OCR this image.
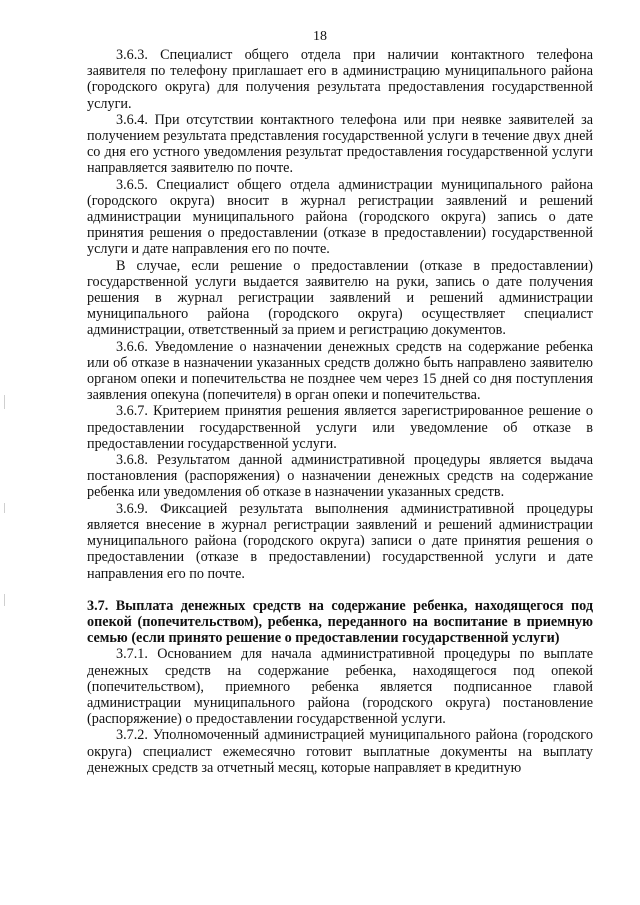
18

3.6.3. Специалист общего отдела при наличии контактного телефона заявителя по телефону приглашает его в администрацию муниципального района (городского округа) для получения результата предоставления государственной услуги.

3.6.4. При отсутствии контактного телефона или при неявке заявителей за получением результата представления государственной услуги в течение двух дней со дня его устного уведомления результат предоставления государственной услуги направляется заявителю по почте.

3.6.5. Специалист общего отдела администрации муниципального района (городского округа) вносит в журнал регистрации заявлений и решений администрации муниципального района (городского округа) запись о дате принятия решения о предоставлении (отказе в предоставлении) государственной услуги и дате направления его по почте.

В случае, если решение о предоставлении (отказе в предоставлении) государственной услуги выдается заявителю на руки, запись о дате получения решения в журнал регистрации заявлений и решений администрации муниципального района (городского округа) осуществляет специалист администрации, ответственный за прием и регистрацию документов.

3.6.6. Уведомление о назначении денежных средств на содержание ребенка или об отказе в назначении указанных средств должно быть направлено заявителю органом опеки и попечительства не позднее чем через 15 дней со дня поступления заявления опекуна (попечителя) в орган опеки и попечительства.

3.6.7. Критерием принятия решения является зарегистрированное решение о предоставлении государственной услуги или уведомление об отказе в предоставлении государственной услуги.

3.6.8. Результатом данной административной процедуры является выдача постановления (распоряжения) о назначении денежных средств на содержание ребенка или уведомления об отказе в назначении указанных средств.

3.6.9. Фиксацией результата выполнения административной процедуры является внесение в журнал регистрации заявлений и решений администрации муниципального района (городского округа) записи о дате принятия решения о предоставлении (отказе в предоставлении) государственной услуги и дате направления его по почте.

3.7. Выплата денежных средств на содержание ребенка, находящегося под опекой (попечительством), ребенка, переданного на воспитание в приемную семью (если принято решение о предоставлении государственной услуги)

3.7.1. Основанием для начала административной процедуры по выплате денежных средств на содержание ребенка, находящегося под опекой (попечительством), приемного ребенка является подписанное главой администрации муниципального района (городского округа) постановление (распоряжение) о предоставлении государственной услуги.

3.7.2. Уполномоченный администрацией муниципального района (городского округа) специалист ежемесячно готовит выплатные документы на выплату денежных средств за отчетный месяц, которые направляет в кредитную
